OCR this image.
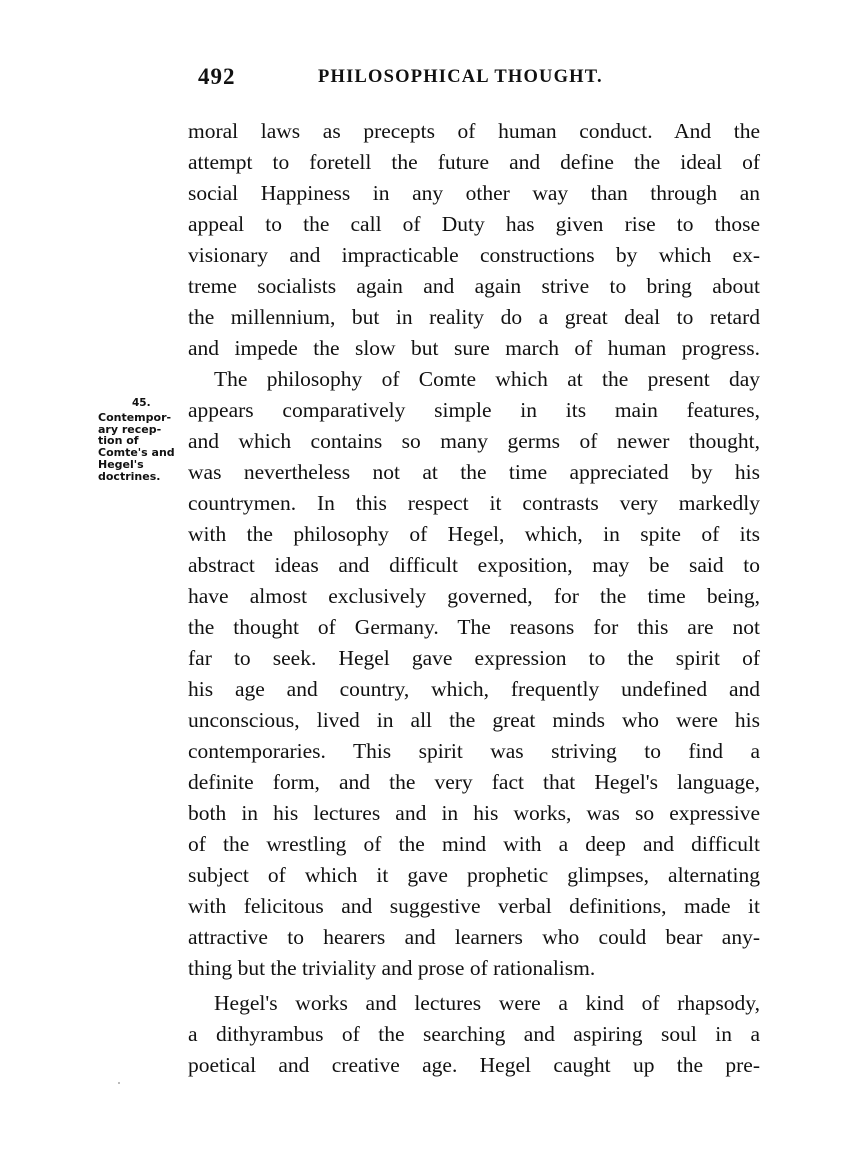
492	PHILOSOPHICAL THOUGHT.
45.
Contempor-
ary recep-
tion of
Comte's and
Hegel's
doctrines.
moral laws as precepts of human conduct. And the
attempt to foretell the future and define the ideal of
social Happiness in any other way than through an
appeal to the call of Duty has given rise to those
visionary and impracticable constructions by which ex-
treme socialists again and again strive to bring about
the millennium, but in reality do a great deal to retard
and impede the slow but sure march of human progress.
The philosophy of Comte which at the present day
appears comparatively simple in its main features,
and which contains so many germs of newer thought,
was nevertheless not at the time appreciated by his
countrymen. In this respect it contrasts very markedly
with the philosophy of Hegel, which, in spite of its
abstract ideas and difficult exposition, may be said to
have almost exclusively governed, for the time being,
the thought of Germany. The reasons for this are not
far to seek. Hegel gave expression to the spirit of
his age and country, which, frequently undefined and
unconscious, lived in all the great minds who were his
contemporaries. This spirit was striving to find a
definite form, and the very fact that Hegel's language,
both in his lectures and in his works, was so expressive
of the wrestling of the mind with a deep and difficult
subject of which it gave prophetic glimpses, alternating
with felicitous and suggestive verbal definitions, made it
attractive to hearers and learners who could bear any-
thing but the triviality and prose of rationalism.
Hegel's works and lectures were a kind of rhapsody,
a dithyrambus of the searching and aspiring soul in a
poetical and creative age. Hegel caught up the pre-
